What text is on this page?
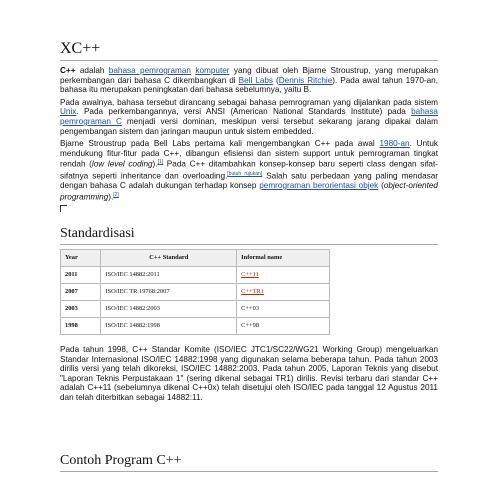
XC++

C++ adalah bahasa pemrograman komputer yang dibuat oleh Bjarne Stroustrup, yang merupakan perkembangan dari bahasa C dikembangkan di Bell Labs (Dennis Ritchie). Pada awal tahun 1970-an, bahasa itu merupakan peningkatan dari bahasa sebelumnya, yaitu B.

Pada awalnya, bahasa tersebut dirancang sebagai bahasa pemrograman yang dijalankan pada sistem Unix. Pada perkembangannya, versi ANSI (American National Standards Institute) pada bahasa pemrograman C menjadi versi dominan, meskipun versi tersebut sekarang jarang dipakai dalam pengembangan sistem dan jaringan maupun untuk sistem embedded.

Bjarne Stroustrup pada Bell Labs pertama kali mengembangkan C++ pada awal 1980-an. Untuk mendukung fitur-fitur pada C++, dibangun efisiensi dan sistem support untuk pemrograman tingkat rendah (low level coding).[1] Pada C++ ditambahkan konsep-konsep baru seperti class dengan sifat-sifatnya seperti inheritance dan overloading.[butuh rujukan] Salah satu perbedaan yang paling mendasar dengan bahasa C adalah dukungan terhadap konsep pemrograman berorientasi objek (object-oriented programming).[2]

Standardisasi
Year	C++ Standard	Informal name
2011	ISO/IEC 14882:2011	C++11
2007	ISO/IEC TR 19768:2007	C++TR1
2003	ISO/IEC 14882:2003	C++03
1998	ISO/IEC 14882:1998	C++98

Pada tahun 1998, C++ Standar Komite (ISO/IEC JTC1/SC22/WG21 Working Group) mengeluarkan Standar Internasional ISO/IEC 14882:1998 yang digunakan selama beberapa tahun. Pada tahun 2003 dirilis versi yang telah dikoreksi, ISO/IEC 14882:2003. Pada tahun 2005, Laporan Teknis yang disebut "Laporan Teknis Perpustakaan 1" (sering dikenal sebagai TR1) dirilis. Revisi terbaru dari standar C++ adalah C++11 (sebelumnya dikenal C++0x) telah disetujui oleh ISO/IEC pada tanggal 12 Agustus 2011 dan telah diterbitkan sebagai 14882:11.

Contoh Program C++
